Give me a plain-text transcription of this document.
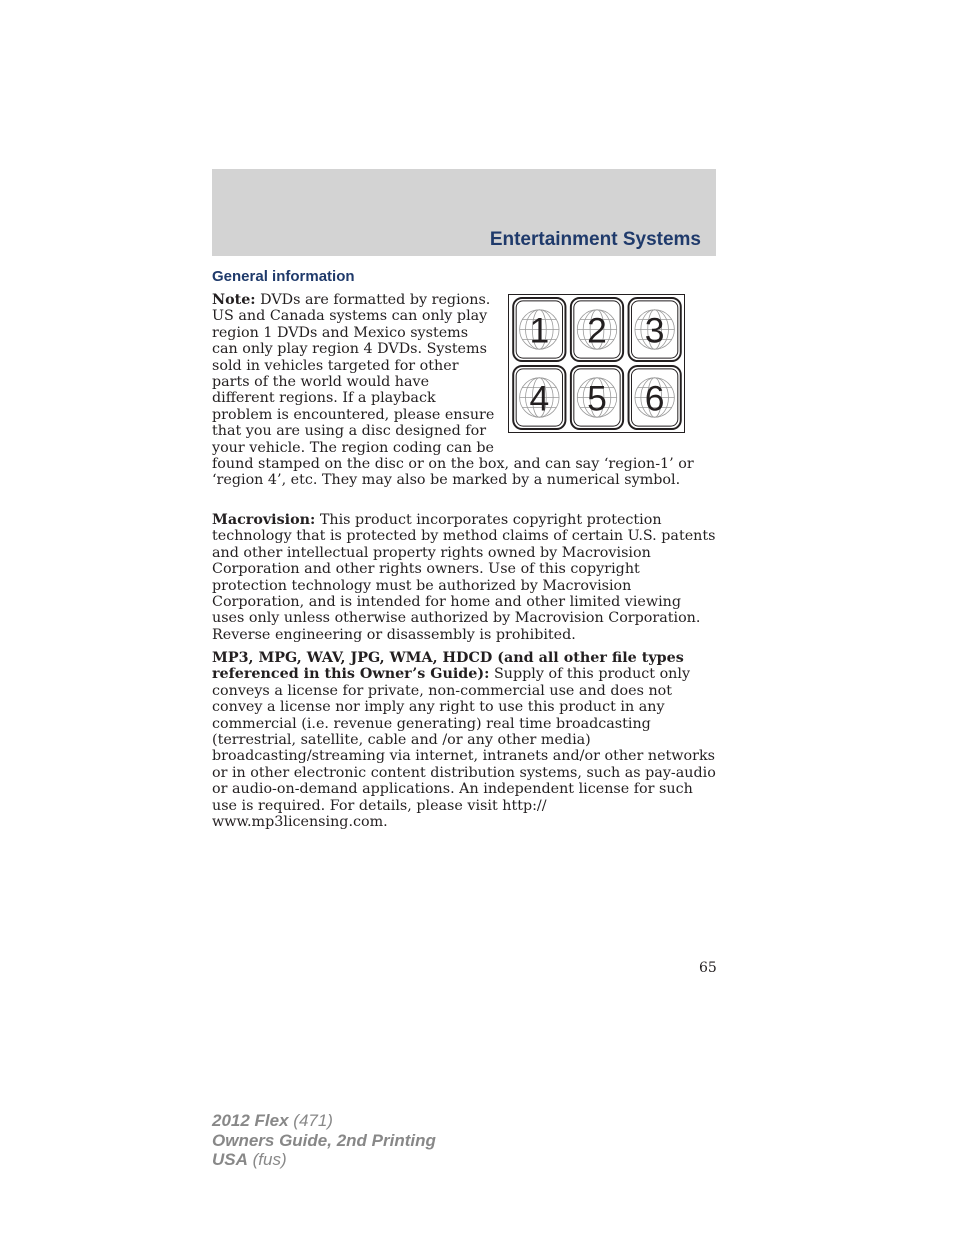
Entertainment Systems
General information

1 2 3
4 5 6
Note: DVDs are formatted by regions. US and Canada systems can only play region 1 DVDs and Mexico systems can only play region 4 DVDs. Systems sold in vehicles targeted for other parts of the world would have different regions. If a playback problem is encountered, please ensure that you are using a disc designed for your vehicle. The region coding can be found stamped on the disc or on the box, and can say ‘region-1’ or ‘region 4’, etc. They may also be marked by a numerical symbol.

Macrovision: This product incorporates copyright protection technology that is protected by method claims of certain U.S. patents and other intellectual property rights owned by Macrovision Corporation and other rights owners. Use of this copyright protection technology must be authorized by Macrovision Corporation, and is intended for home and other limited viewing uses only unless otherwise authorized by Macrovision Corporation. Reverse engineering or disassembly is prohibited.

MP3, MPG, WAV, JPG, WMA, HDCD (and all other file types referenced in this Owner’s Guide): Supply of this product only conveys a license for private, non-commercial use and does not convey a license nor imply any right to use this product in any commercial (i.e. revenue generating) real time broadcasting (terrestrial, satellite, cable and /or any other media) broadcasting/streaming via internet, intranets and/or other networks or in other electronic content distribution systems, such as pay-audio or audio-on-demand applications. An independent license for such use is required. For details, please visit http:// www.mp3licensing.com.

65
2012 Flex (471)
Owners Guide, 2nd Printing
USA (fus)
